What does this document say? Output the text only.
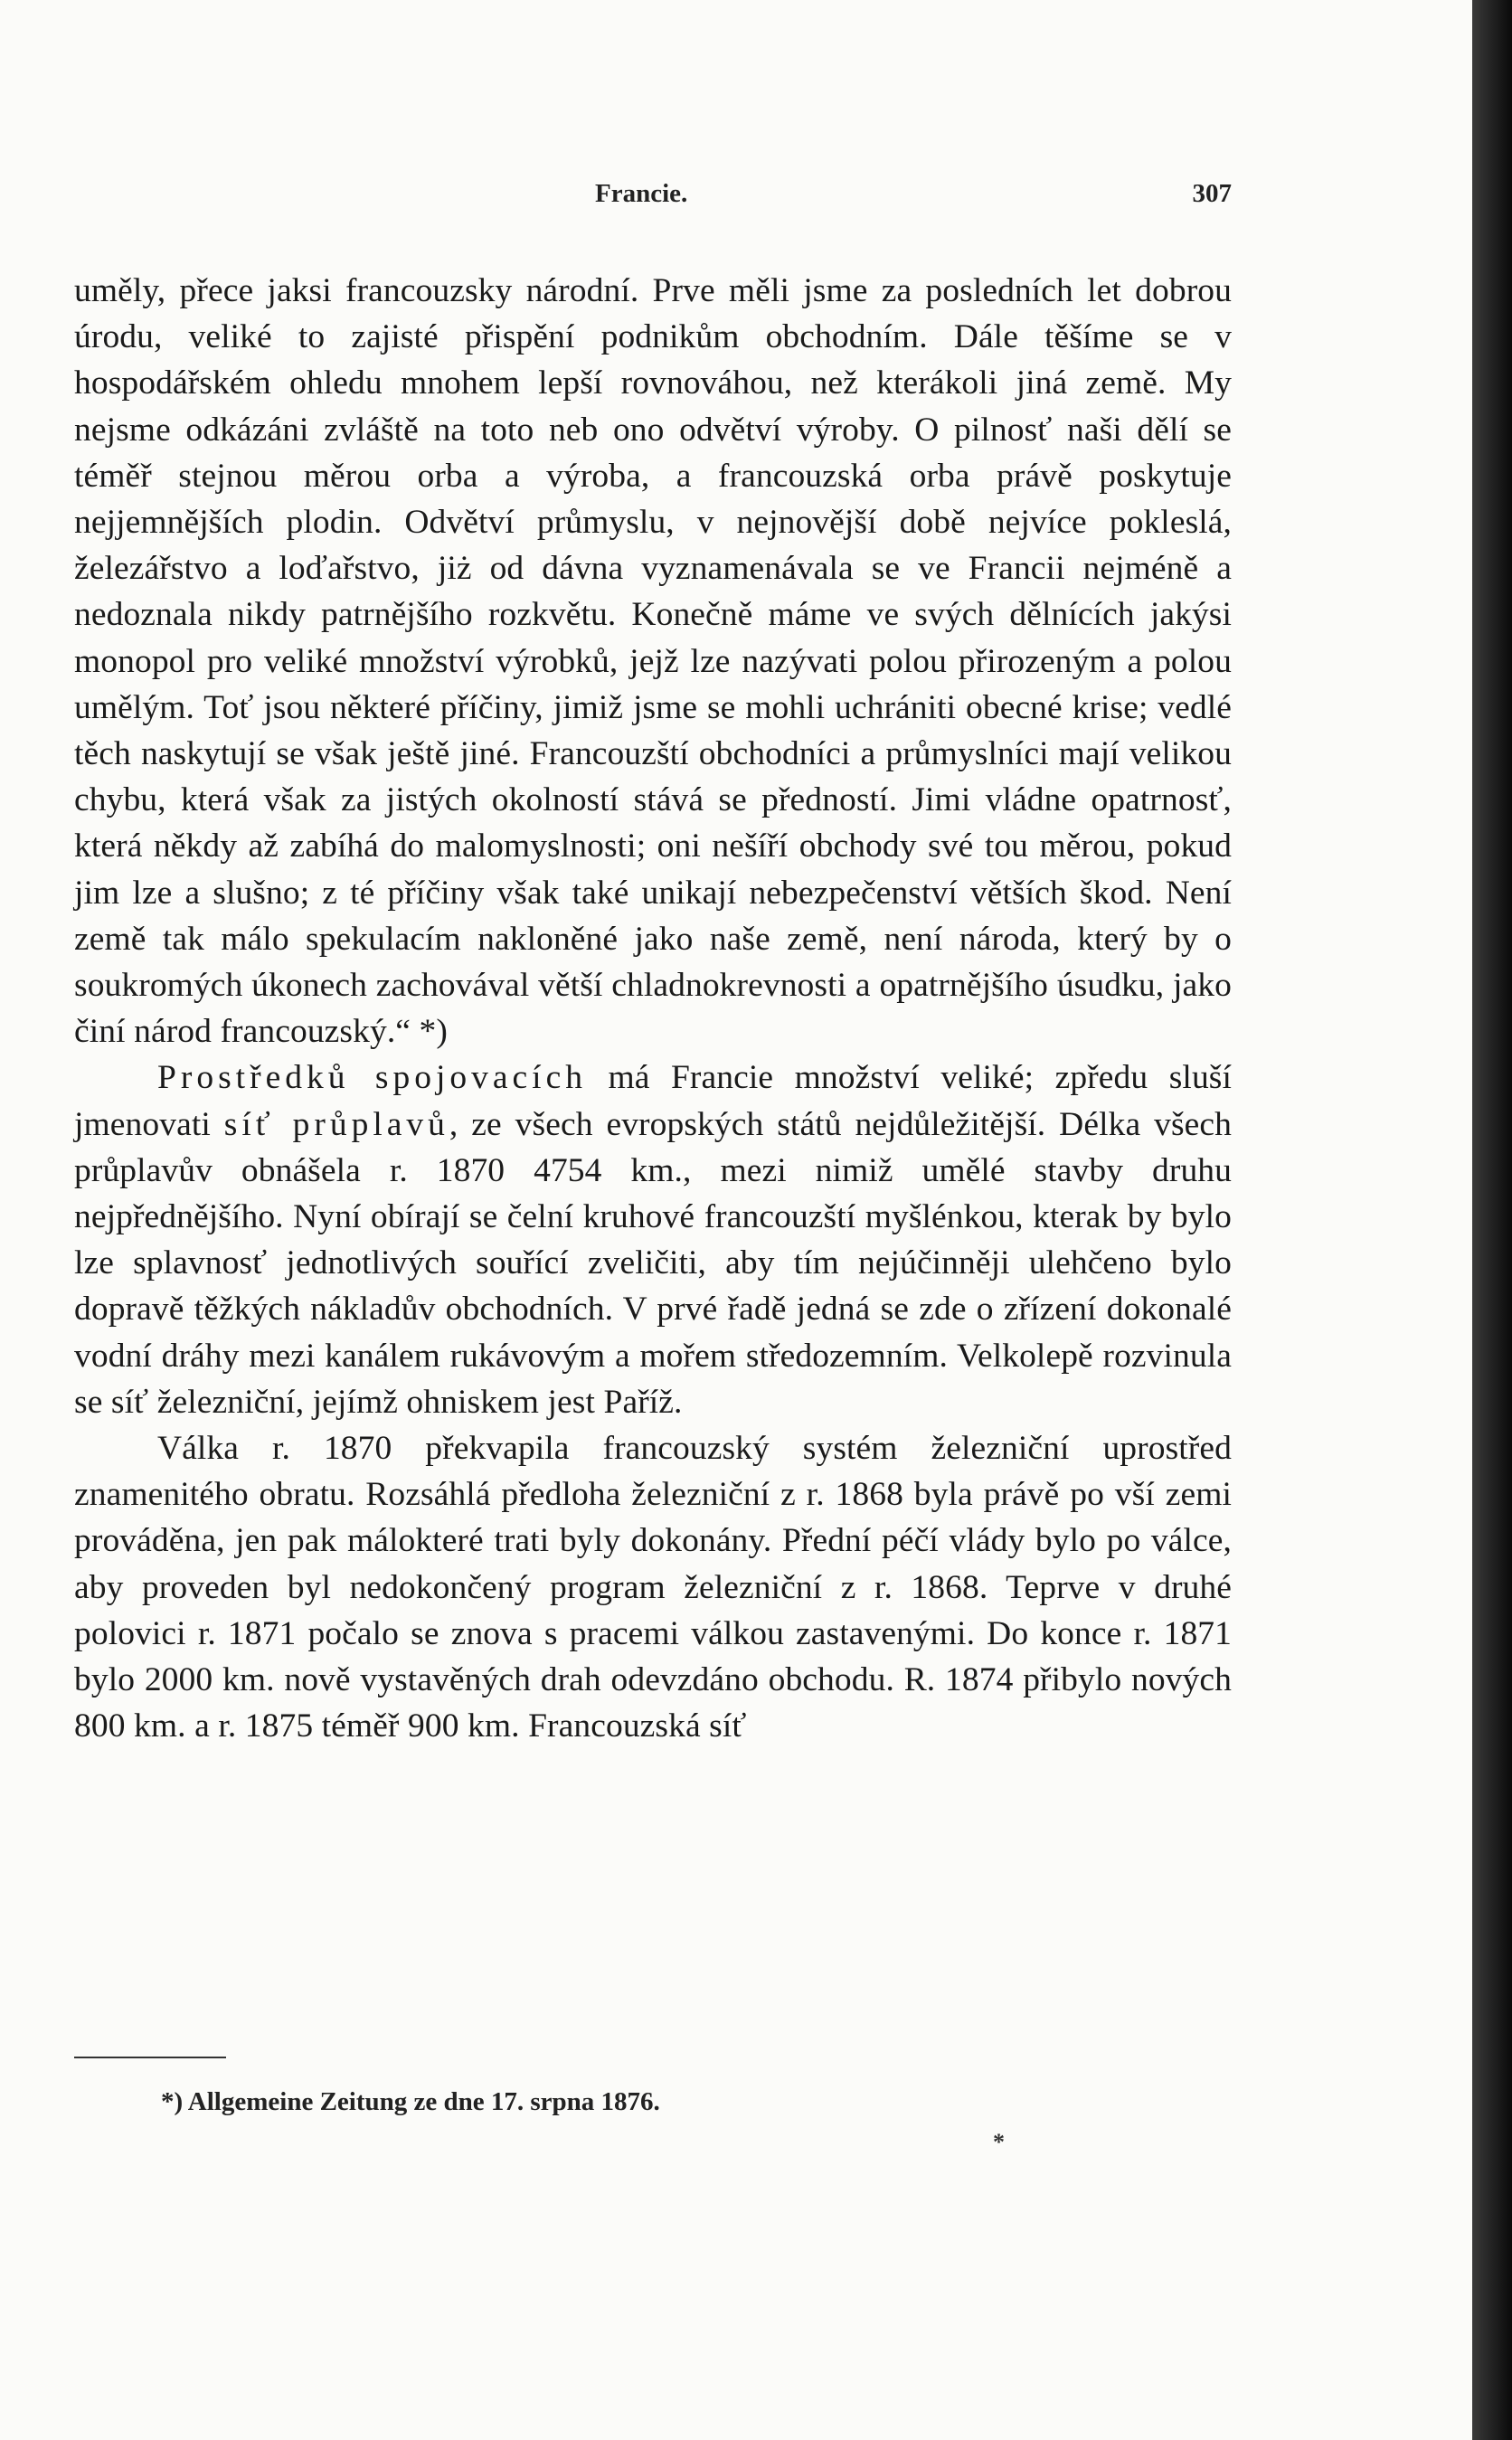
Francie.	307

uměly, přece jaksi francouzsky národní. Prve měli jsme za posledních let dobrou úrodu, veliké to zajisté přispění podnikům obchodním. Dále těšíme se v hospodářském ohledu mnohem lepší rovnováhou, než kterákoli jiná země. My nejsme odkázáni zvláště na toto neb ono odvětví výroby. O pilnosť naši dělí se téměř stejnou měrou orba a výroba, a francouzská orba právě poskytuje nejjemnějších plodin. Odvětví průmyslu, v nejnovější době nejvíce pokleslá, železářstvo a loďařstvo, jiż od dávna vyznamenávala se ve Francii nejméně a nedoznala nikdy patrnějšího rozkvětu. Konečně máme ve svých dělnících jakýsi monopol pro veliké množství výrobků, jejž lze nazývati polou přirozeným a polou umělým. Toť jsou některé příčiny, jimiž jsme se mohli uchrániti obecné krise; vedlé těch naskytují se však ještě jiné. Francouzští obchodníci a průmyslníci mají velikou chybu, která však za jistých okolností stává se předností. Jimi vládne opatrnosť, která někdy až zabíhá do malomyslnosti; oni nešíří obchody své tou měrou, pokud jim lze a slušno; z té příčiny však také unikají nebezpečenství větších škod. Není země tak málo spekulacím nakloněné jako naše země, není národa, který by o soukromých úkonech zachovával větší chladnokrevnosti a opatrnějšího úsudku, jako činí národ francouzský.“ *)

Prostředků spojovacích má Francie množství veliké; zpředu sluší jmenovati síť průplavů, ze všech evropských států nejdůležitější. Délka všech průplavův obnášela r. 1870 4754 km., mezi nimiž umělé stavby druhu nejpřednějšího. Nyní obírají se čelní kruhové francouzští myšlénkou, kterak by bylo lze splavnosť jednotlivých souřící zveličiti, aby tím nejúčinněji ulehčeno bylo dopravě těžkých nákladův obchodních. V prvé řadě jedná se zde o zřízení dokonalé vodní dráhy mezi kanálem rukávovým a mořem středozemním. Velkolepě rozvinula se síť železniční, jejímž ohniskem jest Paříž.

Válka r. 1870 překvapila francouzský systém železniční uprostřed znamenitého obratu. Rozsáhlá předloha železniční z r. 1868 byla právě po vší zemi prováděna, jen pak málokteré trati byly dokonány. Přední péčí vlády bylo po válce, aby proveden byl nedokončený program železniční z r. 1868. Teprve v druhé polovici r. 1871 počalo se znova s pracemi válkou zastavenými. Do konce r. 1871 bylo 2000 km. nově vystavěných drah odevzdáno obchodu. R. 1874 přibylo nových 800 km. a r. 1875 téměř 900 km. Francouzská síť

*) Allgemeine Zeitung ze dne 17. srpna 1876.
*
